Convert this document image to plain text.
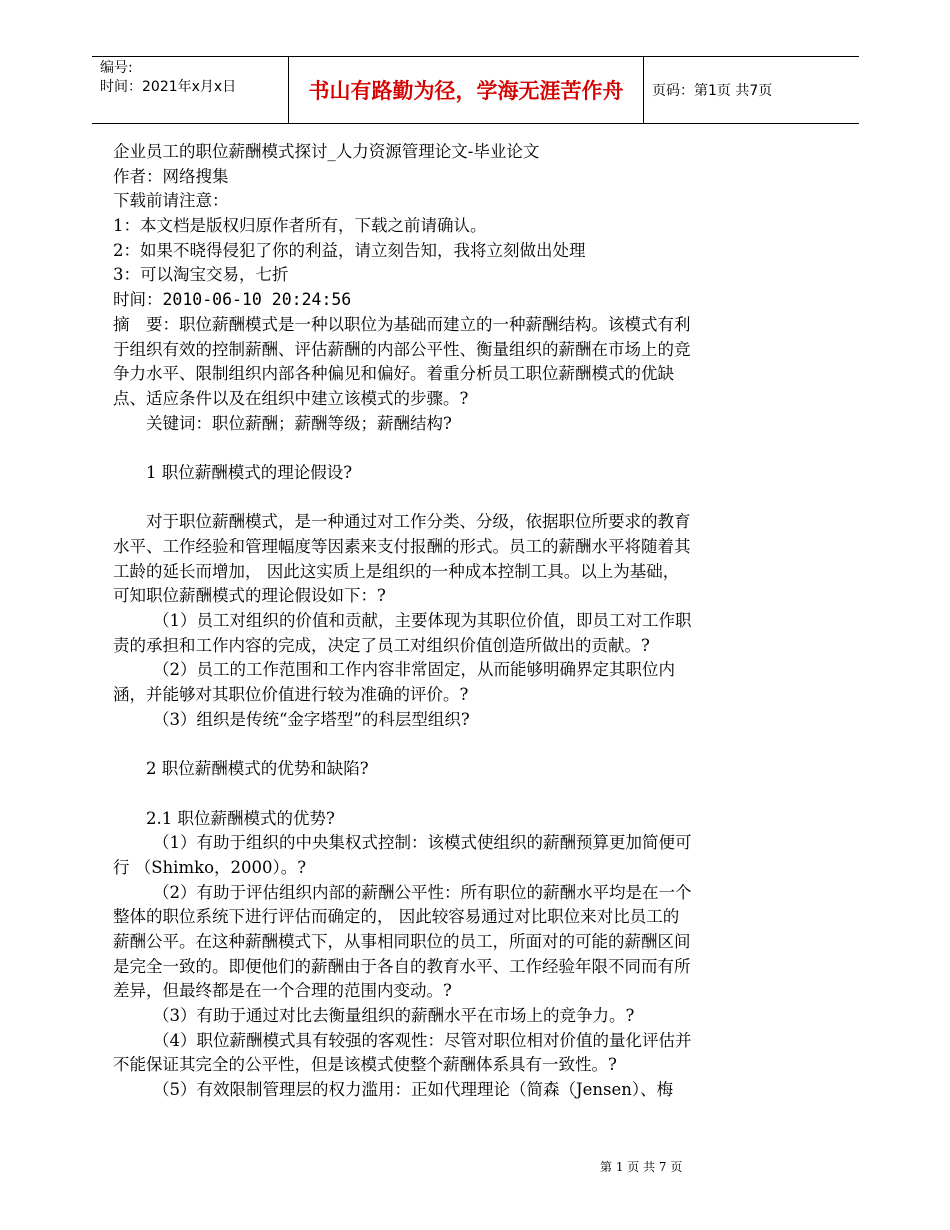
编号:
时间：2021年x月x日	书山有路勤为径，学海无涯苦作舟	页码：第1页 共7页
企业员工的职位薪酬模式探讨_人力资源管理论文-毕业论文
作者：网络搜集
下载前请注意：
1：本文档是版权归原作者所有，下载之前请确认。
2：如果不晓得侵犯了你的利益，请立刻告知，我将立刻做出处理
3：可以淘宝交易，七折
时间：2010-06-10 20:24:56
摘　要：职位薪酬模式是一种以职位为基础而建立的一种薪酬结构。该模式有利
于组织有效的控制薪酬、评估薪酬的内部公平性、衡量组织的薪酬在市场上的竞
争力水平、限制组织内部各种偏见和偏好。着重分析员工职位薪酬模式的优缺
点、适应条件以及在组织中建立该模式的步骤。?
关键词：职位薪酬；薪酬等级；薪酬结构?
1 职位薪酬模式的理论假设?
对于职位薪酬模式，是一种通过对工作分类、分级，依据职位所要求的教育
水平、工作经验和管理幅度等因素来支付报酬的形式。员工的薪酬水平将随着其
工龄的延长而增加， 因此这实质上是组织的一种成本控制工具。以上为基础，
可知职位薪酬模式的理论假设如下：?
（1）员工对组织的价值和贡献，主要体现为其职位价值，即员工对工作职
责的承担和工作内容的完成，决定了员工对组织价值创造所做出的贡献。?
（2）员工的工作范围和工作内容非常固定，从而能够明确界定其职位内
涵，并能够对其职位价值进行较为准确的评价。?
（3）组织是传统“金字塔型”的科层型组织?
2 职位薪酬模式的优势和缺陷?
2.1 职位薪酬模式的优势?
（1）有助于组织的中央集权式控制：该模式使组织的薪酬预算更加简便可
行 （Shimko，2000）。?
（2）有助于评估组织内部的薪酬公平性：所有职位的薪酬水平均是在一个
整体的职位系统下进行评估而确定的， 因此较容易通过对比职位来对比员工的
薪酬公平。在这种薪酬模式下，从事相同职位的员工，所面对的可能的薪酬区间
是完全一致的。即便他们的薪酬由于各自的教育水平、工作经验年限不同而有所
差异，但最终都是在一个合理的范围内变动。?
（3）有助于通过对比去衡量组织的薪酬水平在市场上的竞争力。?
（4）职位薪酬模式具有较强的客观性：尽管对职位相对价值的量化评估并
不能保证其完全的公平性，但是该模式使整个薪酬体系具有一致性。?
（5）有效限制管理层的权力滥用：正如代理理论（简森（Jensen）、梅
第 1 页 共 7 页
